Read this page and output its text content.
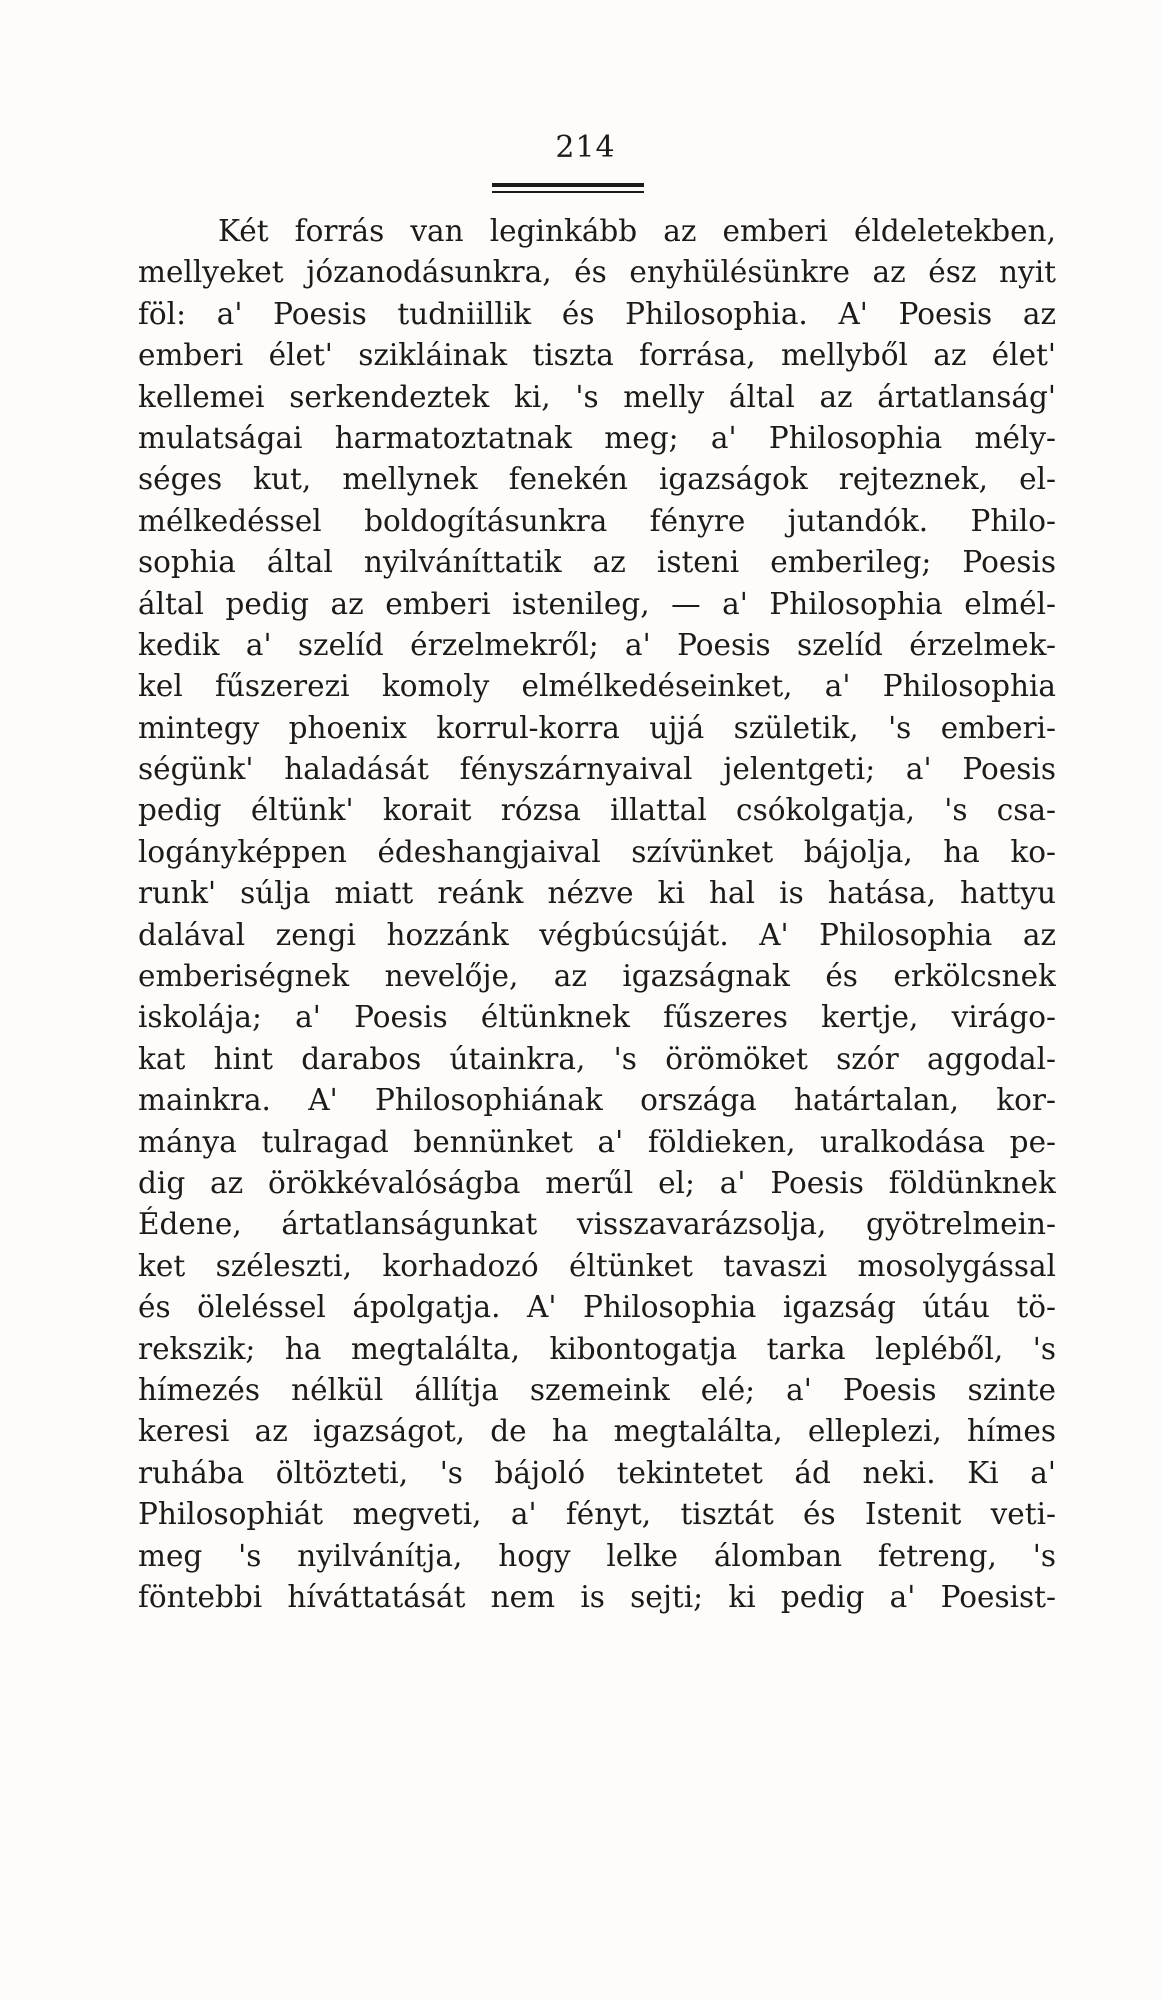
214
Két forrás van leginkább az emberi éldeletekben,
mellyeket józanodásunkra, és enyhülésünkre az ész nyit
föl: a' Poesis tudniillik és Philosophia. A' Poesis az
emberi élet' szikláinak tiszta forrása, mellyből az élet'
kellemei serkendeztek ki, 's melly által az ártatlanság'
mulatságai harmatoztatnak meg; a' Philosophia mély-
séges kut, mellynek fenekén igazságok rejteznek, el-
mélkedéssel boldogításunkra fényre jutandók. Philo-
sophia által nyilváníttatik az isteni emberileg; Poesis
által pedig az emberi istenileg, — a' Philosophia elmél-
kedik a' szelíd érzelmekről; a' Poesis szelíd érzelmek-
kel fűszerezi komoly elmélkedéseinket, a' Philosophia
mintegy phoenix korrul-korra ujjá születik, 's emberi-
ségünk' haladását fényszárnyaival jelentgeti; a' Poesis
pedig éltünk' korait rózsa illattal csókolgatja, 's csa-
logányképpen édeshangjaival szívünket bájolja, ha ko-
runk' súlja miatt reánk nézve ki hal is hatása, hattyu
dalával zengi hozzánk végbúcsúját. A' Philosophia az
emberiségnek nevelője, az igazságnak és erkölcsnek
iskolája; a' Poesis éltünknek fűszeres kertje, virágo-
kat hint darabos útainkra, 's örömöket szór aggodal-
mainkra. A' Philosophiának országa határtalan, kor-
mánya tulragad bennünket a' földieken, uralkodása pe-
dig az örökkévalóságba merűl el; a' Poesis földünknek
Édene, ártatlanságunkat visszavarázsolja, gyötrelmein-
ket széleszti, korhadozó éltünket tavaszi mosolygással
és öleléssel ápolgatja. A' Philosophia igazság útáu tö-
rekszik; ha megtalálta, kibontogatja tarka lepléből, 's
hímezés nélkül állítja szemeink elé; a' Poesis szinte
keresi az igazságot, de ha megtalálta, elleplezi, hímes
ruhába öltözteti, 's bájoló tekintetet ád neki. Ki a'
Philosophiát megveti, a' fényt, tisztát és Istenit veti-
meg 's nyilvánítja, hogy lelke álomban fetreng, 's
föntebbi híváttatását nem is sejti; ki pedig a' Poesist-
